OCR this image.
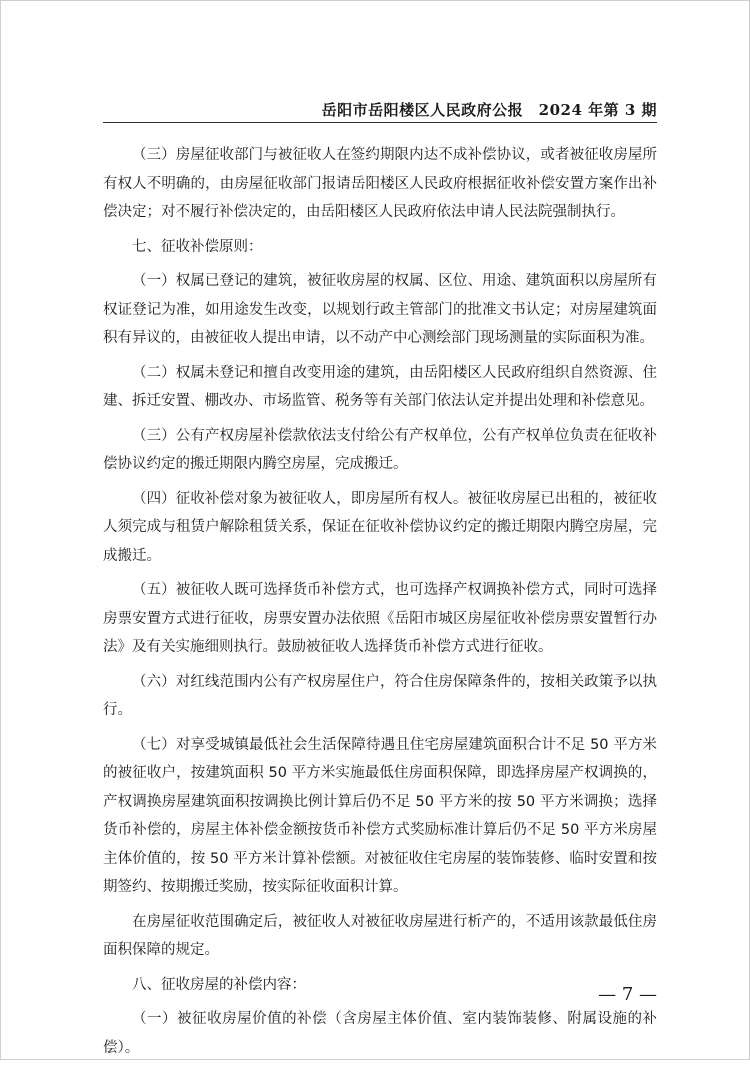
岳阳市岳阳楼区人民政府公报　2024 年第 3 期

（三）房屋征收部门与被征收人在签约期限内达不成补偿协议，或者被征收房屋所有权人不明确的，由房屋征收部门报请岳阳楼区人民政府根据征收补偿安置方案作出补偿决定；对不履行补偿决定的，由岳阳楼区人民政府依法申请人民法院强制执行。

七、征收补偿原则：

（一）权属已登记的建筑，被征收房屋的权属、区位、用途、建筑面积以房屋所有权证登记为准，如用途发生改变，以规划行政主管部门的批准文书认定；对房屋建筑面积有异议的，由被征收人提出申请，以不动产中心测绘部门现场测量的实际面积为准。

（二）权属未登记和擅自改变用途的建筑，由岳阳楼区人民政府组织自然资源、住建、拆迁安置、棚改办、市场监管、税务等有关部门依法认定并提出处理和补偿意见。

（三）公有产权房屋补偿款依法支付给公有产权单位，公有产权单位负责在征收补偿协议约定的搬迁期限内腾空房屋，完成搬迁。

（四）征收补偿对象为被征收人，即房屋所有权人。被征收房屋已出租的，被征收人须完成与租赁户解除租赁关系，保证在征收补偿协议约定的搬迁期限内腾空房屋，完成搬迁。

（五）被征收人既可选择货币补偿方式，也可选择产权调换补偿方式，同时可选择房票安置方式进行征收，房票安置办法依照《岳阳市城区房屋征收补偿房票安置暂行办法》及有关实施细则执行。鼓励被征收人选择货币补偿方式进行征收。

（六）对红线范围内公有产权房屋住户，符合住房保障条件的，按相关政策予以执行。

（七）对享受城镇最低社会生活保障待遇且住宅房屋建筑面积合计不足 50 平方米的被征收户，按建筑面积 50 平方米实施最低住房面积保障，即选择房屋产权调换的，产权调换房屋建筑面积按调换比例计算后仍不足 50 平方米的按 50 平方米调换；选择货币补偿的，房屋主体补偿金额按货币补偿方式奖励标准计算后仍不足 50 平方米房屋主体价值的，按 50 平方米计算补偿额。对被征收住宅房屋的装饰装修、临时安置和按期签约、按期搬迁奖励，按实际征收面积计算。

在房屋征收范围确定后，被征收人对被征收房屋进行析产的，不适用该款最低住房面积保障的规定。

八、征收房屋的补偿内容：

（一）被征收房屋价值的补偿（含房屋主体价值、室内装饰装修、附属设施的补偿）。

— 7 —
